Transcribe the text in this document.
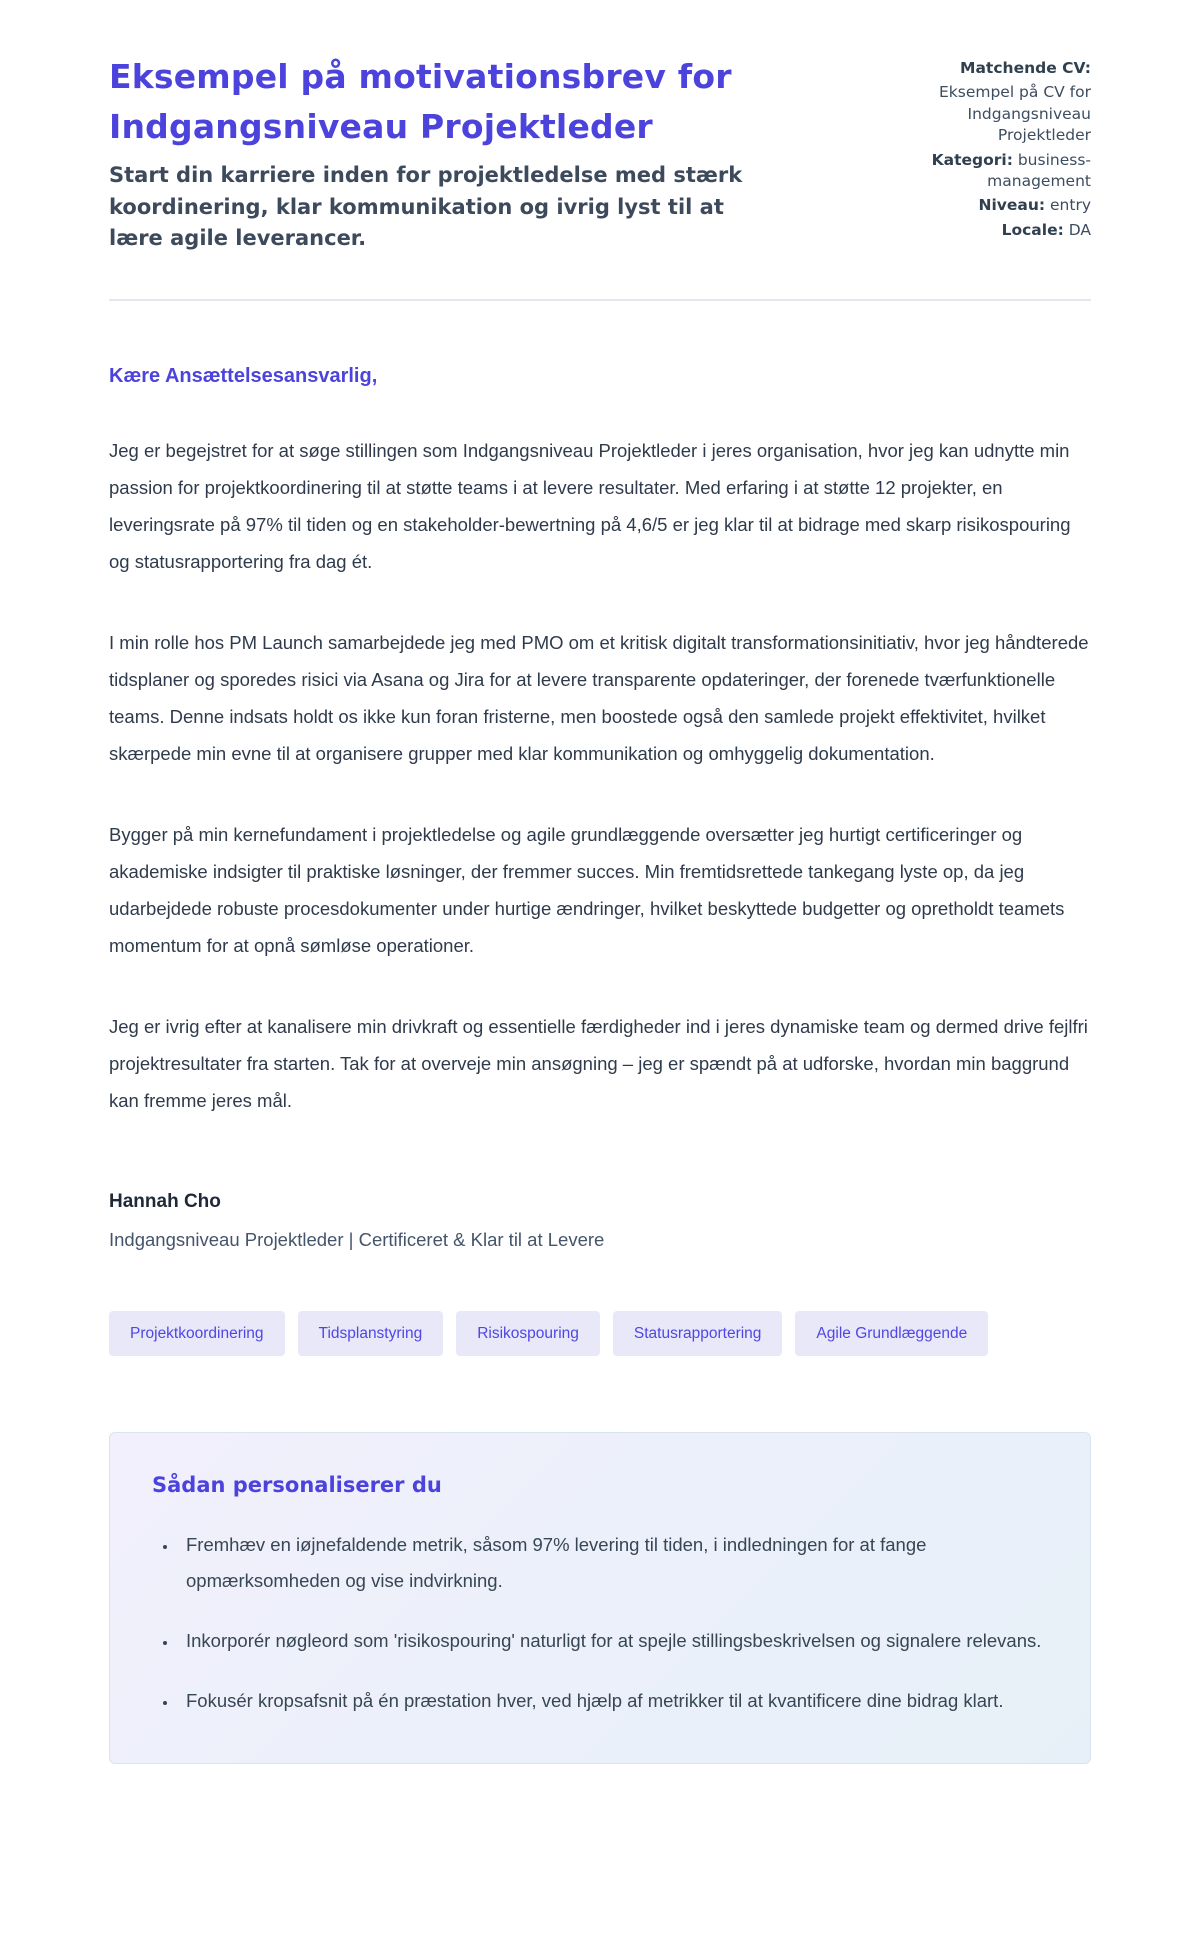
Eksempel på motivationsbrev for Indgangsniveau Projektleder

Start din karriere inden for projektledelse med stærk koordinering, klar kommunikation og ivrig lyst til at lære agile leverancer.

Matchende CV:
Eksempel på CV for Indgangsniveau Projektleder
Kategori: business-management
Niveau: entry
Locale: DA

Kære Ansættelsesansvarlig,

Jeg er begejstret for at søge stillingen som Indgangsniveau Projektleder i jeres organisation, hvor jeg kan udnytte min passion for projektkoordinering til at støtte teams i at levere resultater. Med erfaring i at støtte 12 projekter, en leveringsrate på 97% til tiden og en stakeholder-bewertning på 4,6/5 er jeg klar til at bidrage med skarp risikospouring og statusrapportering fra dag ét.

I min rolle hos PM Launch samarbejdede jeg med PMO om et kritisk digitalt transformationsinitiativ, hvor jeg håndterede tidsplaner og sporedes risici via Asana og Jira for at levere transparente opdateringer, der forenede tværfunktionelle teams. Denne indsats holdt os ikke kun foran fristerne, men boostede også den samlede projekt effektivitet, hvilket skærpede min evne til at organisere grupper med klar kommunikation og omhyggelig dokumentation.

Bygger på min kernefundament i projektledelse og agile grundlæggende oversætter jeg hurtigt certificeringer og akademiske indsigter til praktiske løsninger, der fremmer succes. Min fremtidsrettede tankegang lyste op, da jeg udarbejdede robuste procesdokumenter under hurtige ændringer, hvilket beskyttede budgetter og opretholdt teamets momentum for at opnå sømløse operationer.

Jeg er ivrig efter at kanalisere min drivkraft og essentielle færdigheder ind i jeres dynamiske team og dermed drive fejlfri projektresultater fra starten. Tak for at overveje min ansøgning – jeg er spændt på at udforske, hvordan min baggrund kan fremme jeres mål.

Hannah Cho

Indgangsniveau Projektleder | Certificeret & Klar til at Levere

Projektkoordinering	Tidsplanstyring	Risikospouring	Statusrapportering	Agile Grundlæggende
Sådan personaliserer du
• Fremhæv en iøjnefaldende metrik, såsom 97% levering til tiden, i indledningen for at fange opmærksomheden og vise indvirkning.
• Inkorporér nøgleord som 'risikospouring' naturligt for at spejle stillingsbeskrivelsen og signalere relevans.
• Fokusér kropsafsnit på én præstation hver, ved hjælp af metrikker til at kvantificere dine bidrag klart.
